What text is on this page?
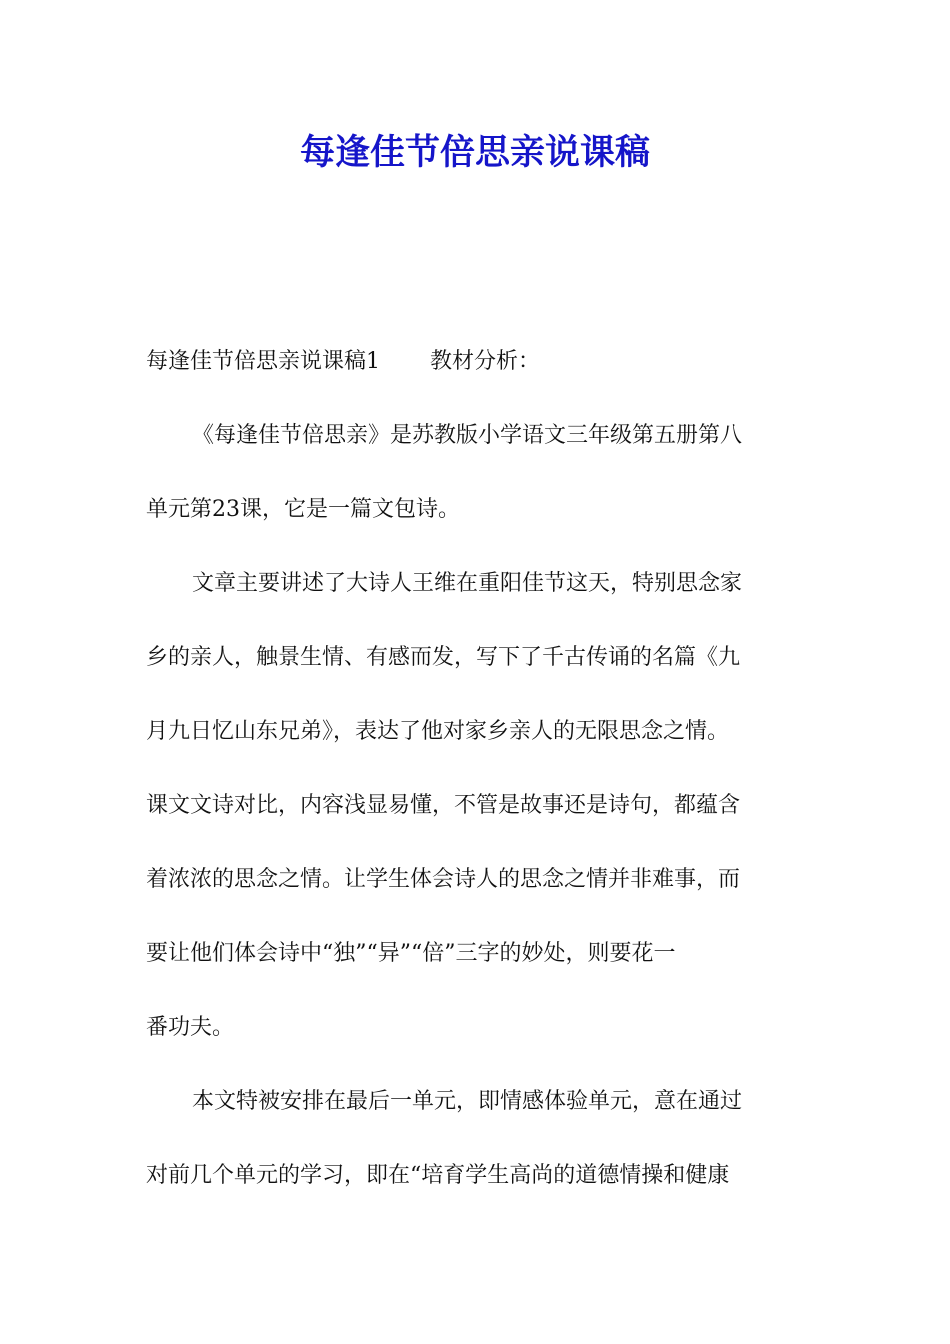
每逢佳节倍思亲说课稿
每逢佳节倍思亲说课稿1 教材分析：
《每逢佳节倍思亲》是苏教版小学语文三年级第五册第八
单元第23课，它是一篇文包诗。
文章主要讲述了大诗人王维在重阳佳节这天，特别思念家
乡的亲人，触景生情、有感而发，写下了千古传诵的名篇《九
月九日忆山东兄弟》，表达了他对家乡亲人的无限思念之情。
课文文诗对比，内容浅显易懂，不管是故事还是诗句，都蕴含
着浓浓的思念之情。让学生体会诗人的思念之情并非难事，而
要让他们体会诗中“独”“异”“倍”三字的妙处，则要花一
番功夫。
本文特被安排在最后一单元，即情感体验单元，意在通过
对前几个单元的学习，即在“培育学生高尚的道德情操和健康
